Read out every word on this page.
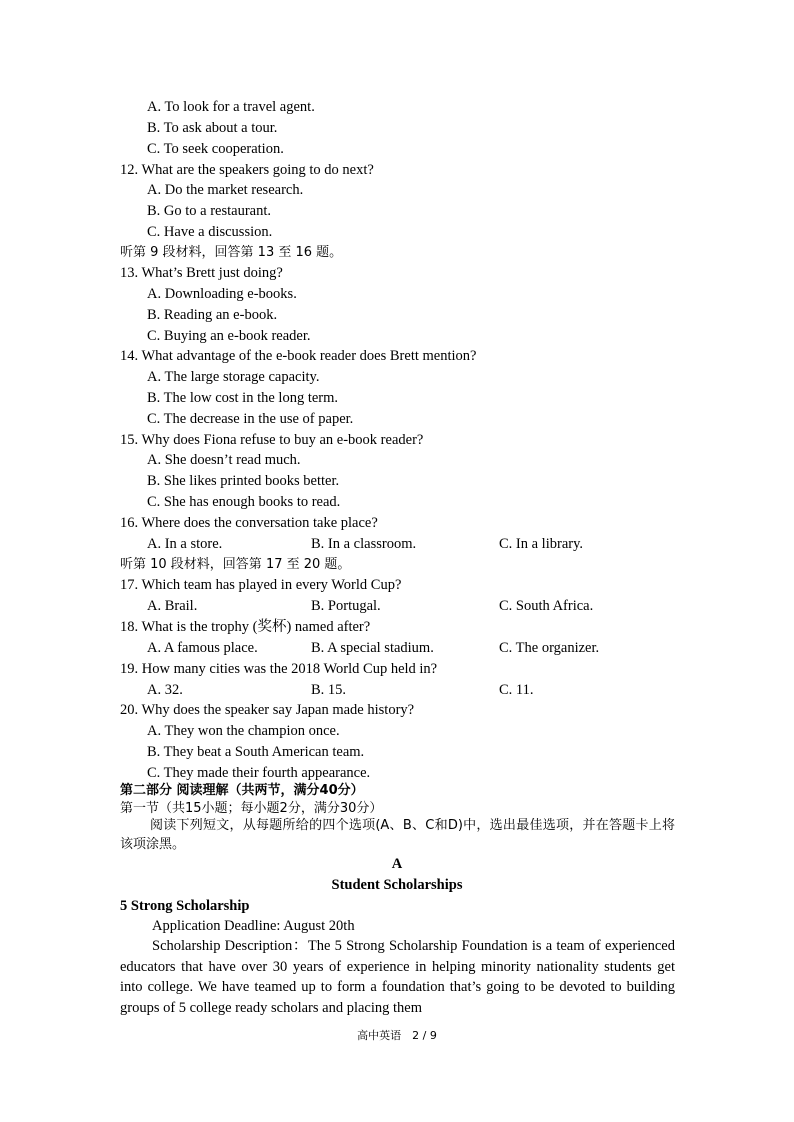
A. To look for a travel agent.
B. To ask about a tour.
C. To seek cooperation.
12. What are the speakers going to do next?
A. Do the market research.
B. Go to a restaurant.
C. Have a discussion.
听第 9 段材料，回答第 13 至 16 题。
13. What’s Brett just doing?
A. Downloading e-books.
B. Reading an e-book.
C. Buying an e-book reader.
14. What advantage of the e-book reader does Brett mention?
A. The large storage capacity.
B. The low cost in the long term.
C. The decrease in the use of paper.
15. Why does Fiona refuse to buy an e-book reader?
A. She doesn’t read much.
B. She likes printed books better.
C. She has enough books to read.
16. Where does the conversation take place?
A. In a store.	B. In a classroom.	C. In a library.
听第 10 段材料，回答第 17 至 20 题。
17. Which team has played in every World Cup?
A. Brail.	B. Portugal.	C. South Africa.
18. What is the trophy (奖杯) named after?
A. A famous place.	B. A special stadium.	C. The organizer.
19. How many cities was the 2018 World Cup held in?
A. 32.	B. 15.	C. 11.
20. Why does the speaker say Japan made history?
A. They won the champion once.
B. They beat a South American team.
C. They made their fourth appearance.
第二部分 阅读理解（共两节，满分40分）
第一节（共15小题；每小题2分，满分30分）
阅读下列短文，从每题所给的四个选项(A、B、C和D)中，选出最佳选项，并在答题卡上将该项涂黑。
A
Student Scholarships
5 Strong Scholarship
Application Deadline: August 20th
Scholarship Description：The 5 Strong Scholarship Foundation is a team of experienced educators that have over 30 years of experience in helping minority nationality students get into college. We have teamed up to form a foundation that’s going to be devoted to building groups of 5 college ready scholars and placing them
高中英语　2 / 9
